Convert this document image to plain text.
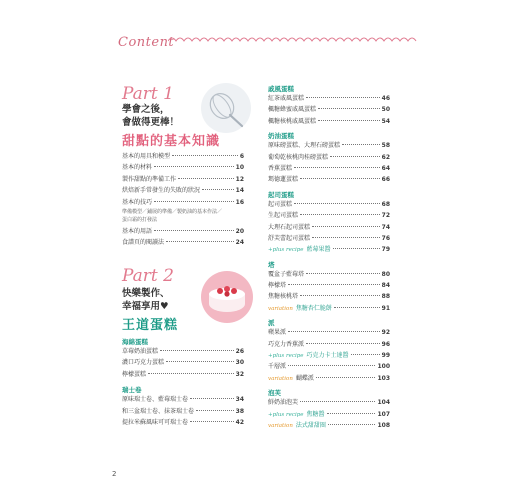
Content
Part 1
學會之後，
會做得更棒！
甜點的基本知識
基本的用具和模型	6
基本的材料	10
製作甜點的準備工作	12
烘焙新手常發生的失敗的狀況	14
基本的技巧	16
準備模型／鋪展的準備／製奶油的基本作法／
蛋白霜的打發法
基本的用語	20
食譜頁的閱讀法	24
Part 2
快樂製作、
幸福享用♥
王道蛋糕
海綿蛋糕
草莓奶油蛋糕	26
濃口巧克力蛋糕	30
檸檬蛋糕	32
瑞士卷
原味瑞士卷、藍莓瑞士卷	34
和三盆瑞士卷、抹茶瑞士卷	38
提拉米蘇風味可可瑞士卷	42
戚風蛋糕
紅茶戚風蛋糕	46
楓糖蜂蜜戚風蛋糕	50
楓糖核桃戚風蛋糕	54
奶油蛋糕
原味磅蛋糕、大理石磅蛋糕	58
葡萄乾核桃肉桂磅蛋糕	62
香蕉蛋糕	64
瑪德蓮蛋糕	66
起司蛋糕
起司蛋糕	68
生起司蛋糕	72
大理石起司蛋糕	74
舒芙蕾起司蛋糕	76
+plus recipe 藍莓果醬	79
塔
覆盆子藍莓塔	80
檸檬塔	84
焦糖核桃塔	88
variation 焦糖杏仁脆餅	91
派
蘋果派	92
巧克力香蕉派	96
+plus recipe 巧克力卡士達醬	99
千層派	100
variation 蝴蝶派	103
泡芙
鮮奶油泡芙	104
+plus recipe 焦糖醬	107
variation 法式甜甜圈	108
2
